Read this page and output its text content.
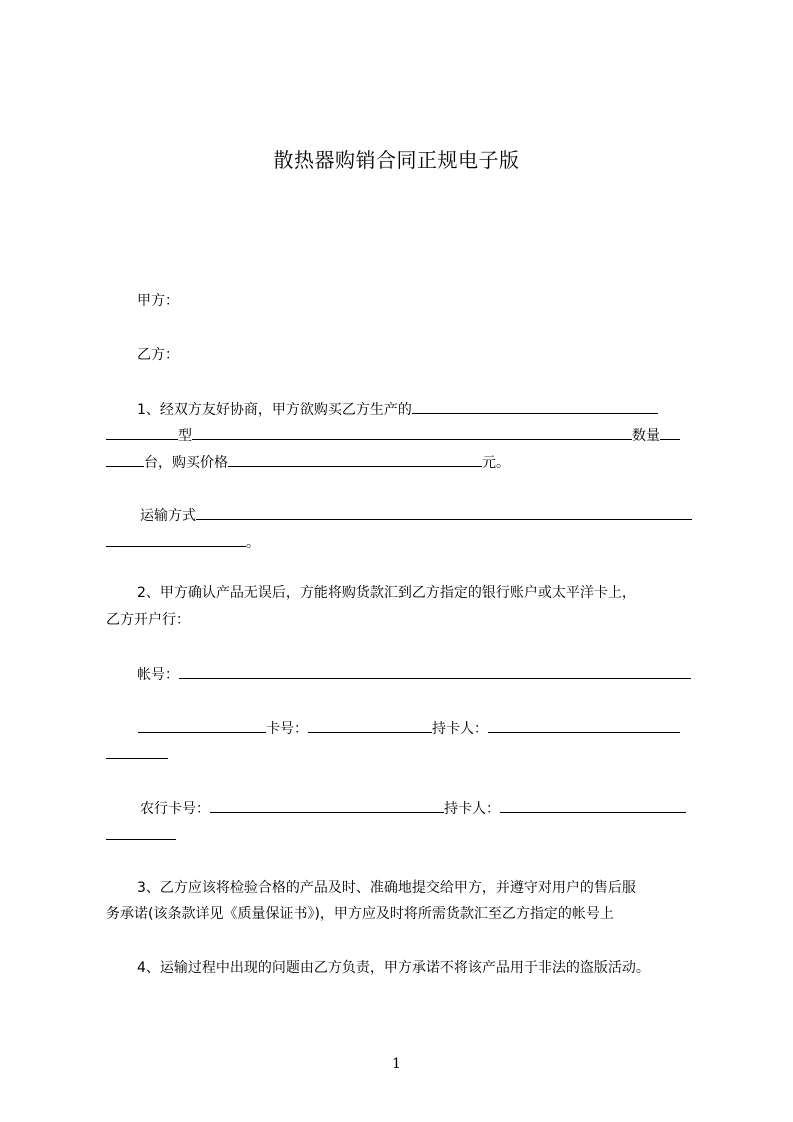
散热器购销合同正规电子版
甲方：
乙方：
1、经双方友好协商，甲方欲购买乙方生产的
型	数量
台，购买价格	元。
运输方式
。
2、甲方确认产品无误后，方能将购货款汇到乙方指定的银行账户或太平洋卡上，
乙方开户行：
帐号：
卡号：	持卡人：
农行卡号：	持卡人：
3、乙方应该将检验合格的产品及时、准确地提交给甲方，并遵守对用户的售后服
务承诺(该条款详见《质量保证书》)，甲方应及时将所需货款汇至乙方指定的帐号上
4、运输过程中出现的问题由乙方负责，甲方承诺不将该产品用于非法的盗版活动。
1
